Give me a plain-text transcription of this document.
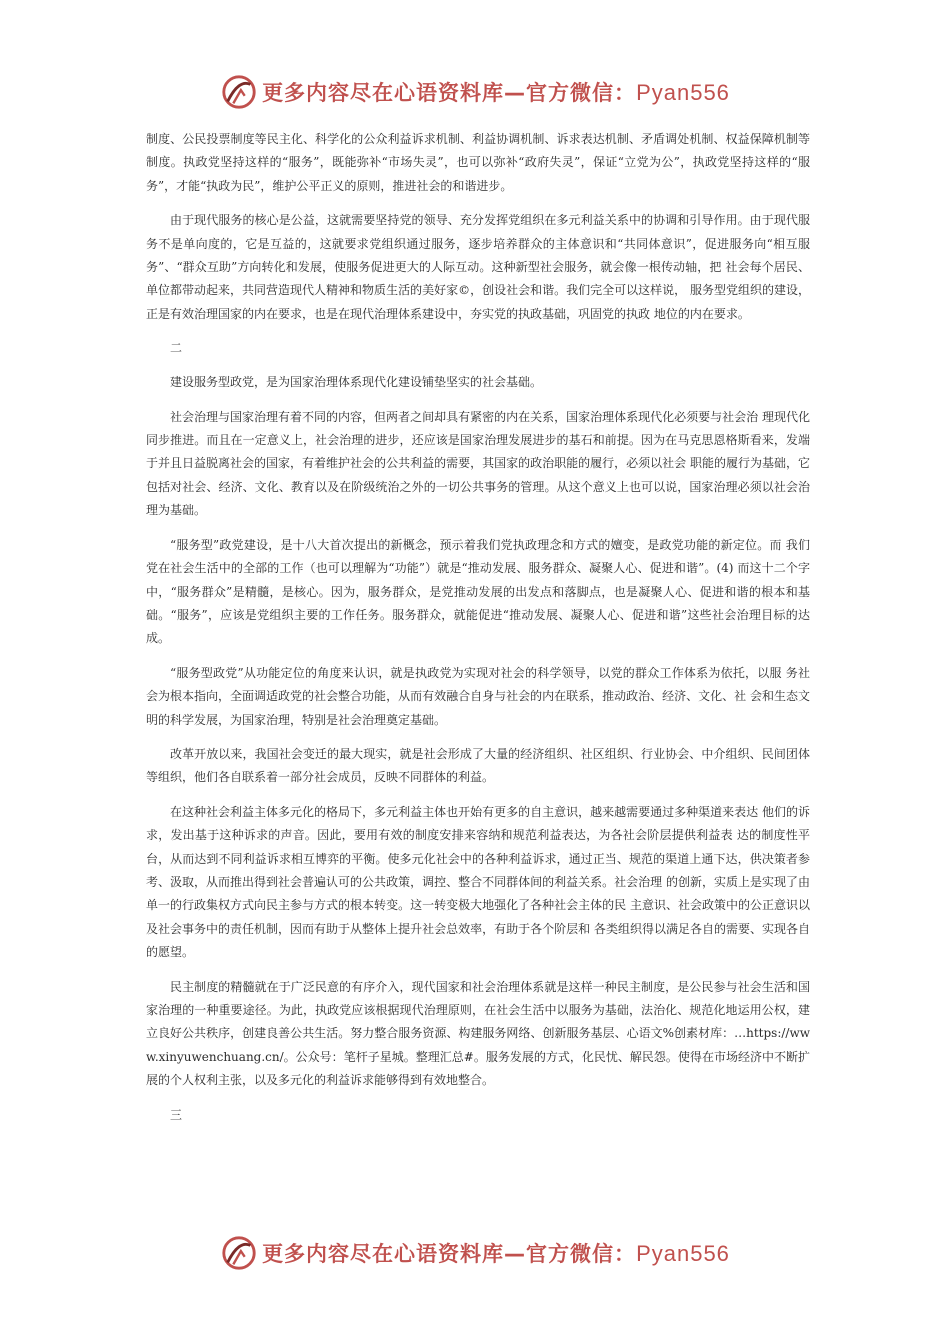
更多内容尽在心语资料库—官方微信：Pyan556

制度、公民投票制度等民主化、科学化的公众利益诉求机制、利益协调机制、诉求表达机制、矛盾调处机制、权益保障机制等制度。执政党坚持这样的“服务”，既能弥补“市场失灵”，也可以弥补“政府失灵”，保证“立党为公”，执政党坚持这样的“服务”，才能“执政为民”，维护公平正义的原则，推进社会的和谐进步。

由于现代服务的核心是公益，这就需要坚持党的领导、充分发挥党组织在多元利益关系中的协调和引导作用。由于现代服务不是单向度的，它是互益的，这就要求党组织通过服务，逐步培养群众的主体意识和“共同体意识”，促进服务向“相互服务”、“群众互助”方向转化和发展，使服务促进更大的人际互动。这种新型社会服务，就会像一根传动轴，把 社会每个居民、单位都带动起来，共同营造现代人精神和物质生活的美好家©，创设社会和谐。我们完全可以这样说， 服务型党组织的建设，正是有效治理国家的内在要求，也是在现代治理体系建设中，夯实党的执政基础，巩固党的执政 地位的内在要求。

二

建设服务型政党，是为国家治理体系现代化建设铺垫坚实的社会基础。

社会治理与国家治理有着不同的内容，但两者之间却具有紧密的内在关系，国家治理体系现代化必须要与社会治 理现代化同步推进。而且在一定意义上，社会治理的进步，还应该是国家治理发展进步的基石和前提。因为在马克思恩格斯看来，发端于并且日益脱离社会的国家，有着维护社会的公共利益的需要，其国家的政治职能的履行，必须以社会 职能的履行为基础，它包括对社会、经济、文化、教育以及在阶级统治之外的一切公共事务的管理。从这个意义上也可以说，国家治理必须以社会治理为基础。

“服务型”政党建设，是十八大首次提出的新概念，预示着我们党执政理念和方式的嬗变，是政党功能的新定位。而 我们党在社会生活中的全部的工作（也可以理解为“功能”）就是“推动发展、服务群众、凝聚人心、促进和谐”。(4) 而这十二个字中，“服务群众”是精髓，是核心。因为，服务群众，是党推动发展的出发点和落脚点，也是凝聚人心、促进和谐的根本和基础。“服务”，应该是党组织主要的工作任务。服务群众，就能促进“推动发展、凝聚人心、促进和谐”这些社会治理目标的达成。

“服务型政党”从功能定位的角度来认识，就是执政党为实现对社会的科学领导，以党的群众工作体系为依托，以服 务社会为根本指向，全面调适政党的社会整合功能，从而有效融合自身与社会的内在联系，推动政治、经济、文化、社 会和生态文明的科学发展，为国家治理，特别是社会治理奠定基础。

改革开放以来，我国社会变迁的最大现实，就是社会形成了大量的经济组织、社区组织、行业协会、中介组织、民间团体等组织，他们各自联系着一部分社会成员，反映不同群体的利益。

在这种社会利益主体多元化的格局下，多元利益主体也开始有更多的自主意识，越来越需要通过多种渠道来表达 他们的诉求，发出基于这种诉求的声音。因此，要用有效的制度安排来容纳和规范利益表达，为各社会阶层提供利益表 达的制度性平台，从而达到不同利益诉求相互博弈的平衡。使多元化社会中的各种利益诉求，通过正当、规范的渠道上通下达，供决策者参考、汲取，从而推出得到社会普遍认可的公共政策，调控、整合不同群体间的利益关系。社会治理 的创新，实质上是实现了由单一的行政集权方式向民主参与方式的根本转变。这一转变极大地强化了各种社会主体的民 主意识、社会政策中的公正意识以及社会事务中的责任机制，因而有助于从整体上提升社会总效率，有助于各个阶层和 各类组织得以满足各自的需要、实现各自的愿望。

民主制度的精髓就在于广泛民意的有序介入，现代国家和社会治理体系就是这样一种民主制度，是公民参与社会生活和国家治理的一种重要途径。为此，执政党应该根据现代治理原则，在社会生活中以服务为基础，法治化、规范化地运用公权，建立良好公共秩序，创建良善公共生活。努力整合服务资源、构建服务网络、创新服务基层、心语文%创素材库：…https://www.xinyuwenchuang.cn/。公众号：笔杆子星城。整理汇总#。服务发展的方式，化民忧、解民怨。使得在市场经济中不断扩展的个人权利主张，以及多元化的利益诉求能够得到有效地整合。

三

更多内容尽在心语资料库—官方微信：Pyan556
